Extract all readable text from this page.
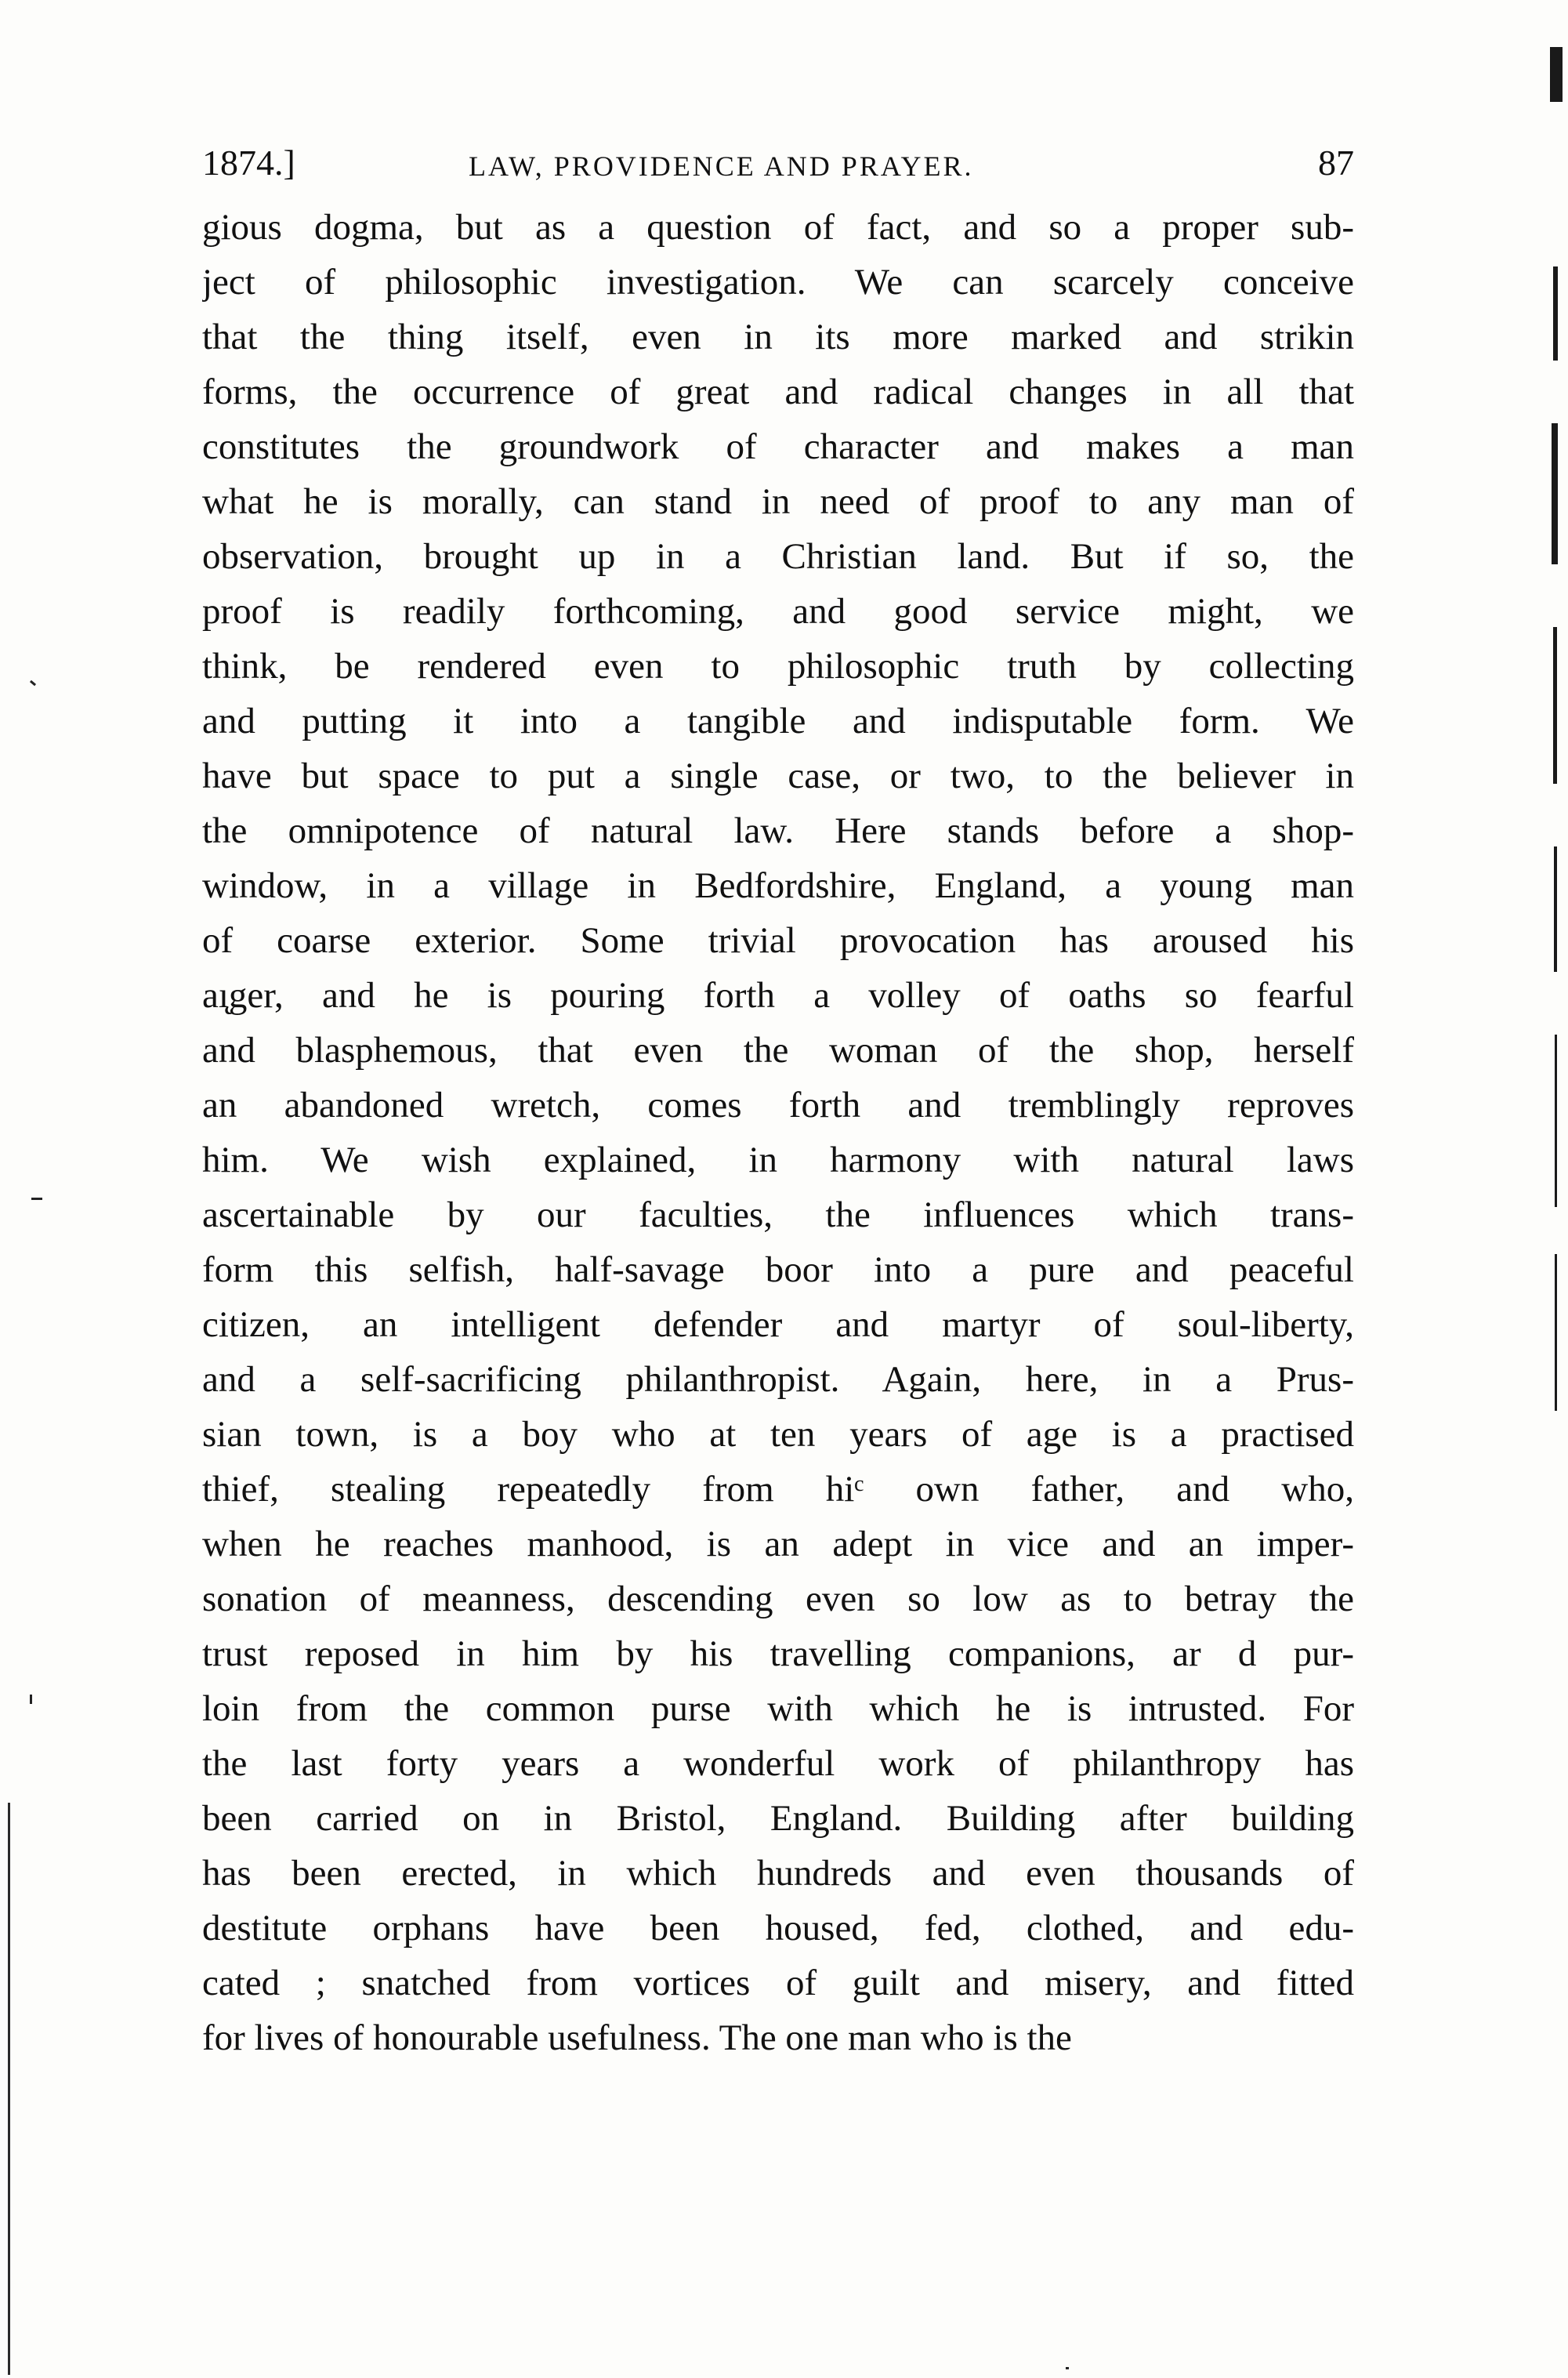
1874.]	LAW, PROVIDENCE AND PRAYER.	87
gious dogma, but as a question of fact, and so a proper sub-
ject of philosophic investigation. We can scarcely conceive
that the thing itself, even in its more marked and strikin
forms, the occurrence of great and radical changes in all that
constitutes the groundwork of character and makes a man
what he is morally, can stand in need of proof to any man of
observation, brought up in a Christian land. But if so, the
proof is readily forthcoming, and good service might, we
think, be rendered even to philosophic truth by collecting
and putting it into a tangible and indisputable form. We
have but space to put a single case, or two, to the believer in
the omnipotence of natural law. Here stands before a shop-
window, in a village in Bedfordshire, England, a young man
of coarse exterior. Some trivial provocation has aroused his
aı̨ger, and he is pouring forth a volley of oaths so fearful
and blasphemous, that even the woman of the shop, herself
an abandoned wretch, comes forth and tremblingly reproves
him. We wish explained, in harmony with natural laws
ascertainable by our faculties, the influences which trans-
form this selfish, half-savage boor into a pure and peaceful
citizen, an intelligent defender and martyr of soul-liberty,
and a self-sacrificing philanthropist. Again, here, in a Prus-
sian town, is a boy who at ten years of age is a practised
thief, stealing repeatedly from hiᶜ own father, and who,
when he reaches manhood, is an adept in vice and an imper-
sonation of meanness, descending even so low as to betray the
trust reposed in him by his travelling companions, ar d pur-
loin from the common purse with which he is intrusted. For
the last forty years a wonderful work of philanthropy has
been carried on in Bristol, England. Building after building
has been erected, in which hundreds and even thousands of
destitute orphans have been housed, fed, clothed, and edu-
cated ; snatched from vortices of guilt and misery, and fitted
for lives of honourable usefulness. The one man who is the
